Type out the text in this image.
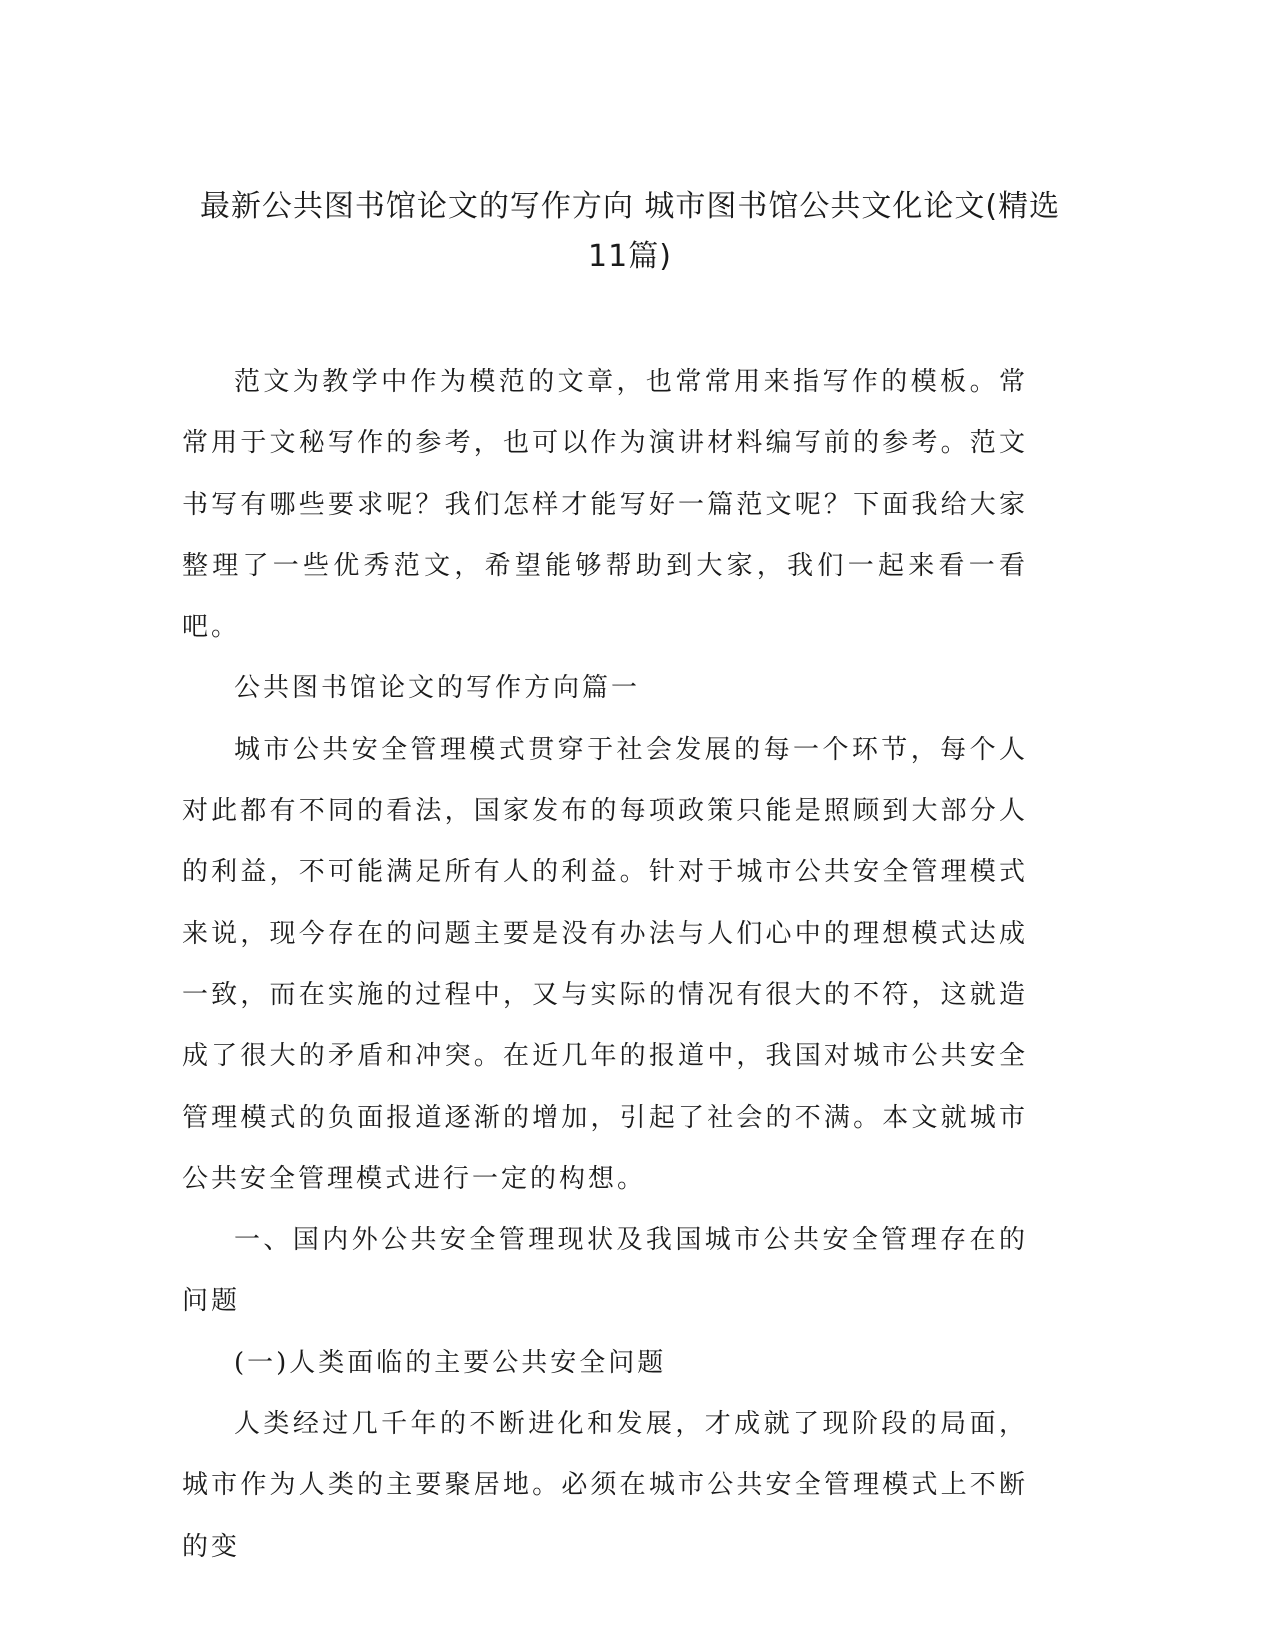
最新公共图书馆论文的写作方向 城市图书馆公共文化论文(精选11篇)

范文为教学中作为模范的文章，也常常用来指写作的模板。常常用于文秘写作的参考，也可以作为演讲材料编写前的参考。范文书写有哪些要求呢？我们怎样才能写好一篇范文呢？下面我给大家整理了一些优秀范文，希望能够帮助到大家，我们一起来看一看吧。

公共图书馆论文的写作方向篇一

城市公共安全管理模式贯穿于社会发展的每一个环节，每个人对此都有不同的看法，国家发布的每项政策只能是照顾到大部分人的利益，不可能满足所有人的利益。针对于城市公共安全管理模式来说，现今存在的问题主要是没有办法与人们心中的理想模式达成一致，而在实施的过程中，又与实际的情况有很大的不符，这就造成了很大的矛盾和冲突。在近几年的报道中，我国对城市公共安全管理模式的负面报道逐渐的增加，引起了社会的不满。本文就城市公共安全管理模式进行一定的构想。

一、国内外公共安全管理现状及我国城市公共安全管理存在的问题

(一)人类面临的主要公共安全问题

人类经过几千年的不断进化和发展，才成就了现阶段的局面，城市作为人类的主要聚居地。必须在城市公共安全管理模式上不断的变
